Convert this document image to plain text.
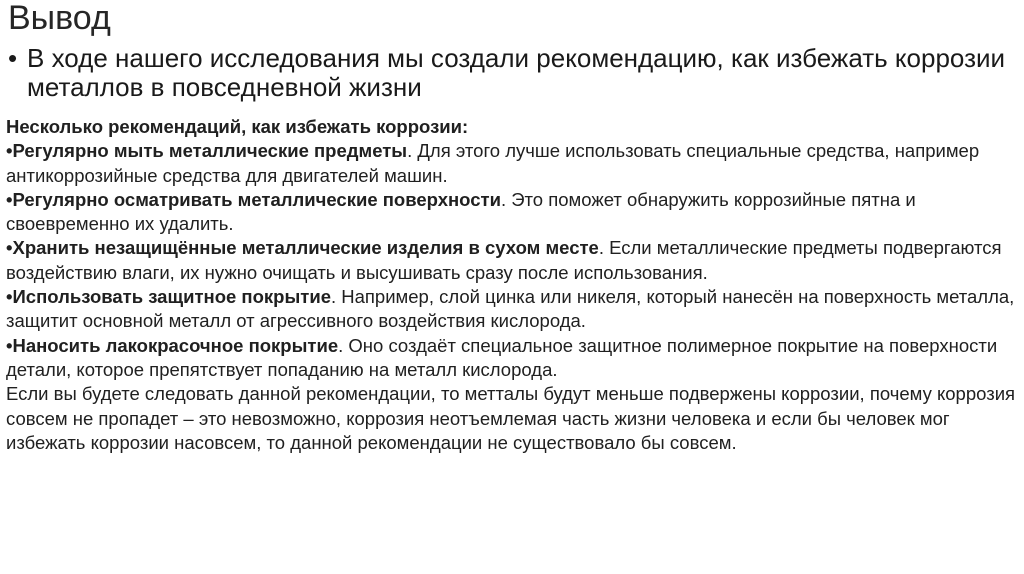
Вывод
• В ходе нашего исследования мы создали рекомендацию, как избежать коррозии металлов в повседневной жизни

Несколько рекомендаций, как избежать коррозии:

•Регулярно мыть металлические предметы. Для этого лучше использовать специальные средства, например антикоррозийные средства для двигателей машин.

•Регулярно осматривать металлические поверхности. Это поможет обнаружить коррозийные пятна и своевременно их удалить.

•Хранить незащищённые металлические изделия в сухом месте. Если металлические предметы подвергаются воздействию влаги, их нужно очищать и высушивать сразу после использования.

•Использовать защитное покрытие. Например, слой цинка или никеля, который нанесён на поверхность металла, защитит основной металл от агрессивного воздействия кислорода.

•Наносить лакокрасочное покрытие. Оно создаёт специальное защитное полимерное покрытие на поверхности детали, которое препятствует попаданию на металл кислорода.

Если вы будете следовать данной рекомендации, то метталы будут меньше подвержены коррозии, почему коррозия совсем не пропадет – это невозможно, коррозия неотъемлемая часть жизни человека и если бы человек мог избежать коррозии насовсем, то данной рекомендации не существовало бы совсем.
